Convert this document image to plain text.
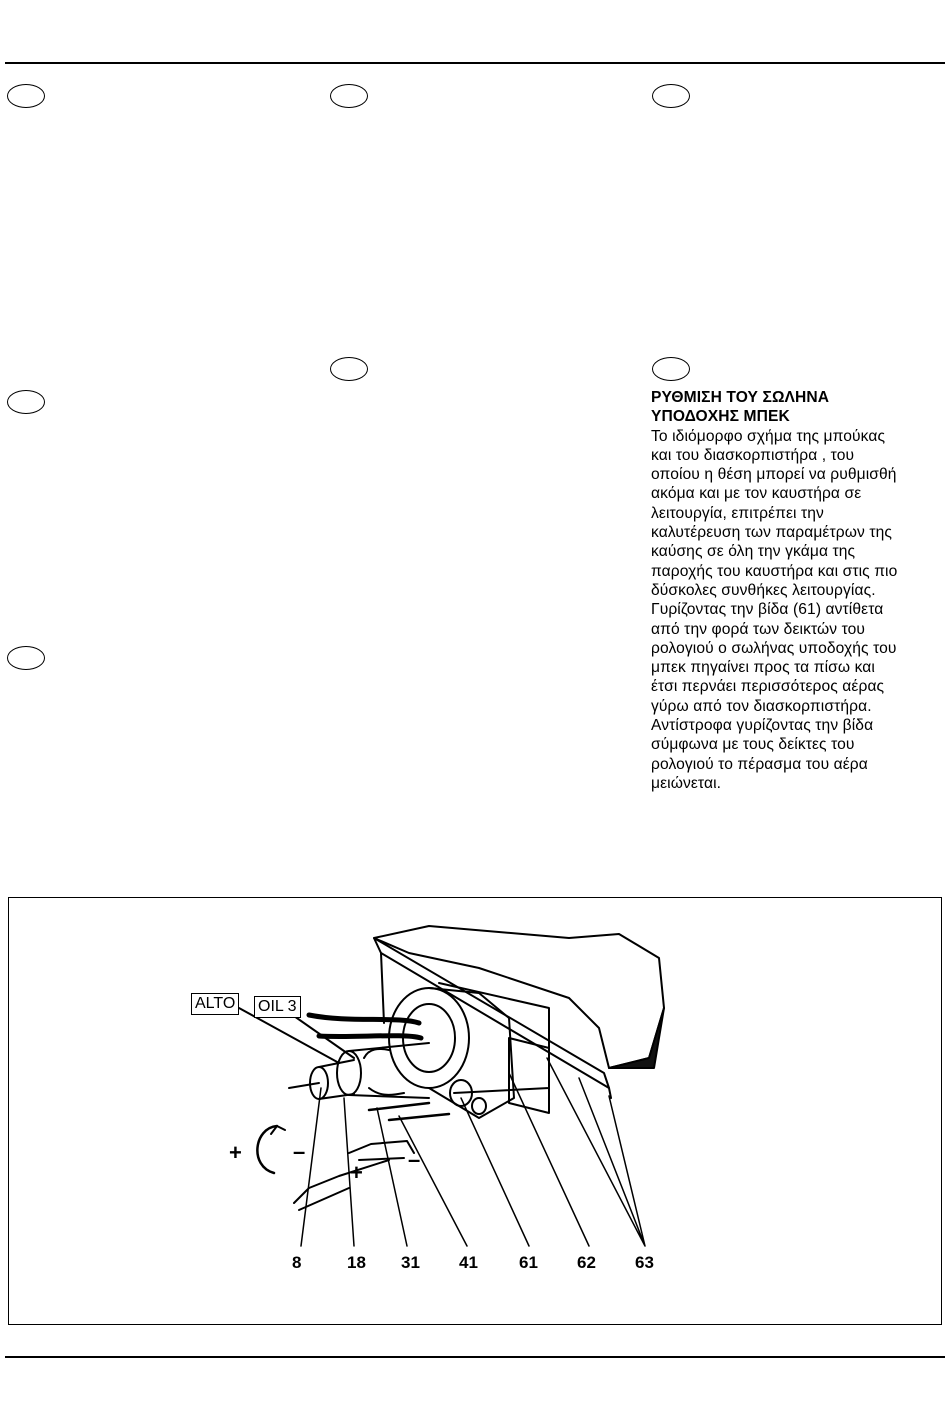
ΡΥΘΜΙΣΗ ΤΟΥ ΣΩΛΗΝΑ
ΥΠΟΔΟΧΗΣ ΜΠΕΚ
Το ιδιόμορφο σχήμα της μπούκας
και του διασκορπιστήρα , του
οποίου η θέση μπορεί να ρυθμισθή
ακόμα και με τον καυστήρα σε
λειτουργία, επιτρέπει την
καλυτέρευση των παραμέτρων της
καύσης σε όλη την γκάμα της
παροχής του καυστήρα και στις πιο
δύσκολες συνθήκες λειτουργίας.
Γυρίζοντας την βίδα (61) αντίθετα
από την φορά των δεικτών του
ρολογιού ο σωλήνας υποδοχής του
μπεκ πηγαίνει προς τα πίσω και
έτσι περνάει περισσότερος αέρας
γύρω από τον διασκορπιστήρα.
Αντίστροφα γυρίζοντας την βίδα
σύμφωνα με τους δείκτες του
ρολογιού το πέρασμα του αέρα
μειώνεται.
ALTO OIL 3
+ –
+
–
8	18 31 41 61 62 63
